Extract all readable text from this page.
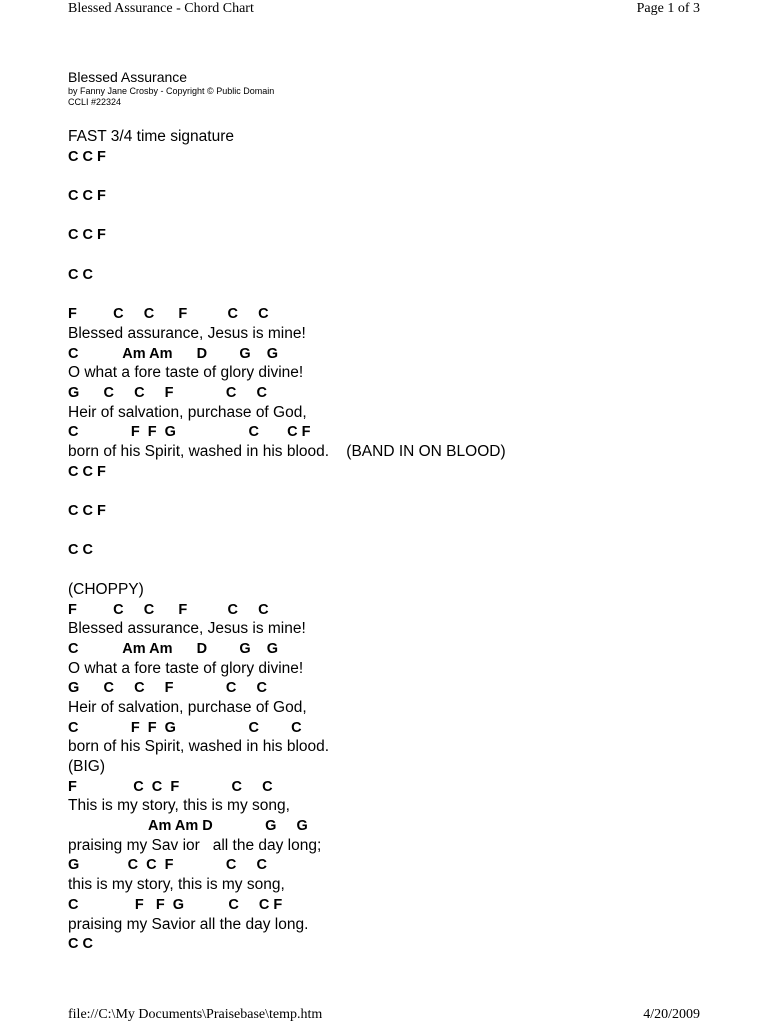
Blessed Assurance - Chord Chart	Page 1 of 3
Blessed Assurance
by Fanny Jane Crosby - Copyright © Public Domain
CCLI #22324
FAST 3/4 time signature
C C F
C C F
C C F
C C
F         C     C      F          C     C
Blessed assurance, Jesus is mine!
C           Am Am      D        G    G
O what a fore taste of glory divine!
G      C     C     F             C     C
Heir of salvation, purchase of God,
C             F  F  G                  C       C F
born of his Spirit, washed in his blood.    (BAND IN ON BLOOD)
C C F
C C F
C C
(CHOPPY)
F         C     C      F          C     C
Blessed assurance, Jesus is mine!
C           Am Am      D        G    G
O what a fore taste of glory divine!
G      C     C     F             C     C
Heir of salvation, purchase of God,
C             F  F  G                  C        C
born of his Spirit, washed in his blood.
(BIG)
F              C  C  F             C     C
This is my story, this is my song,
Am Am D             G     G
praising my Sav ior   all the day long;
G            C  C  F             C     C
this is my story, this is my song,
C              F   F  G           C     C F
praising my Savior all the day long.
C C
file://C:\My Documents\Praisebase\temp.htm	4/20/2009
